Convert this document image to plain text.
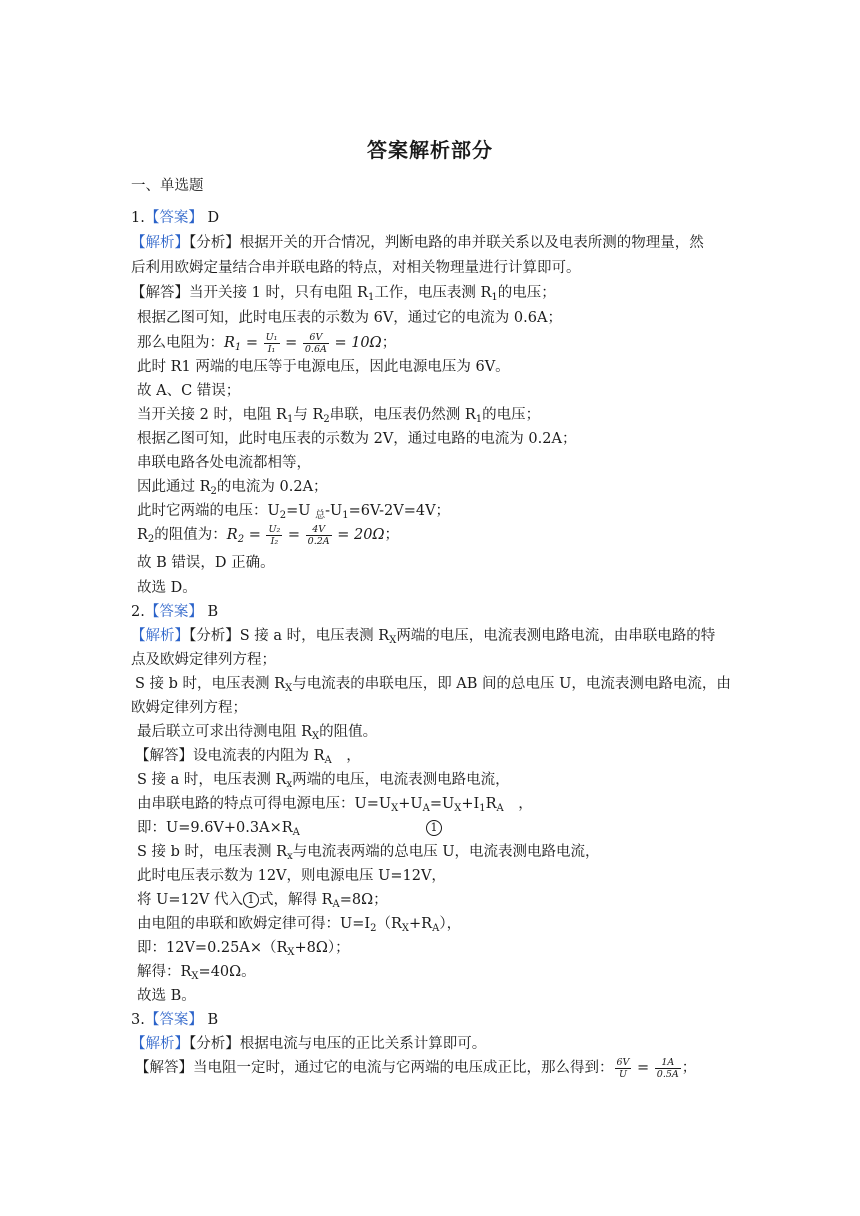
答案解析部分
一、单选题
1.【答案】 D
【解析】【分析】根据开关的开合情况，判断电路的串并联关系以及电表所测的物理量，然
后利用欧姆定量结合串并联电路的特点，对相关物理量进行计算即可。
【解答】当开关接 1 时，只有电阻 $R_1$工作，电压表测 $R_1$的电压；
根据乙图可知，此时电压表的示数为 6V，通过它的电流为 0.6A；
那么电阻为：$R_1 = \frac{\text{U₁}}{\text{I₁}} = \frac{6V}{0.6A} = 10\Omega$；
此时 R1 两端的电压等于电源电压，因此电源电压为 6V。
故 A、C 错误；
当开关接 2 时，电阻 $R_1$与 $R_2$串联，电压表仍然测 $R_1$的电压；
根据乙图可知，此时电压表的示数为 2V，通过电路的电流为 0.2A；
串联电路各处电流都相等，
因此通过 $R_2$的电流为 0.2A；
此时它两端的电压：$U_2=U$ $_总-U_1=6V-2V=4V$；
$R_2$的阻值为：$R_2 = \frac{\text{U₂}}{\text{I₂}} = \frac{4V}{0.2A} = 20\Omega$；
故 B 错误，D 正确。
故选 D。
2.【答案】 B
【解析】【分析】S 接 a 时，电压表测 $R_X$两端的电压，电流表测电路电流，由串联电路的特
点及欧姆定律列方程；
S 接 b 时，电压表测 $R_X$与电流表的串联电压，即 AB 间的总电压 U，电流表测电路电流，由
欧姆定律列方程；
最后联立可求出待测电阻 $R_X$的阻值。
【解答】设电流表的内阻为 $R_A$　，
S 接 a 时，电压表测 $R_x$两端的电压，电流表测电路电流，
由串联电路的特点可得电源电压：$U=U_X+U_A=U_X+I_1R_A$　，
即：$U=9.6V+0.3A\times R_A$	1
S 接 b 时，电压表测 $R_x$与电流表两端的总电压 U，电流表测电路电流，
此时电压表示数为 12V，则电源电压 U=12V，
将 U=12V 代入 1 式，解得 $R_A=8\Omega$；
由电阻的串联和欧姆定律可得：$U=I_2(R_X+R_A)$，
即：$12V=0.25A\times(R_X+8\Omega)$；
解得：$R_X=40\Omega$。
故选 B。
3.【答案】 B
【解析】【分析】根据电流与电压的正比关系计算即可。
【解答】当电阻一定时，通过它的电流与它两端的电压成正比，那么得到： $\frac{6V}{U} = \frac{1A}{0.5A}$ ；
